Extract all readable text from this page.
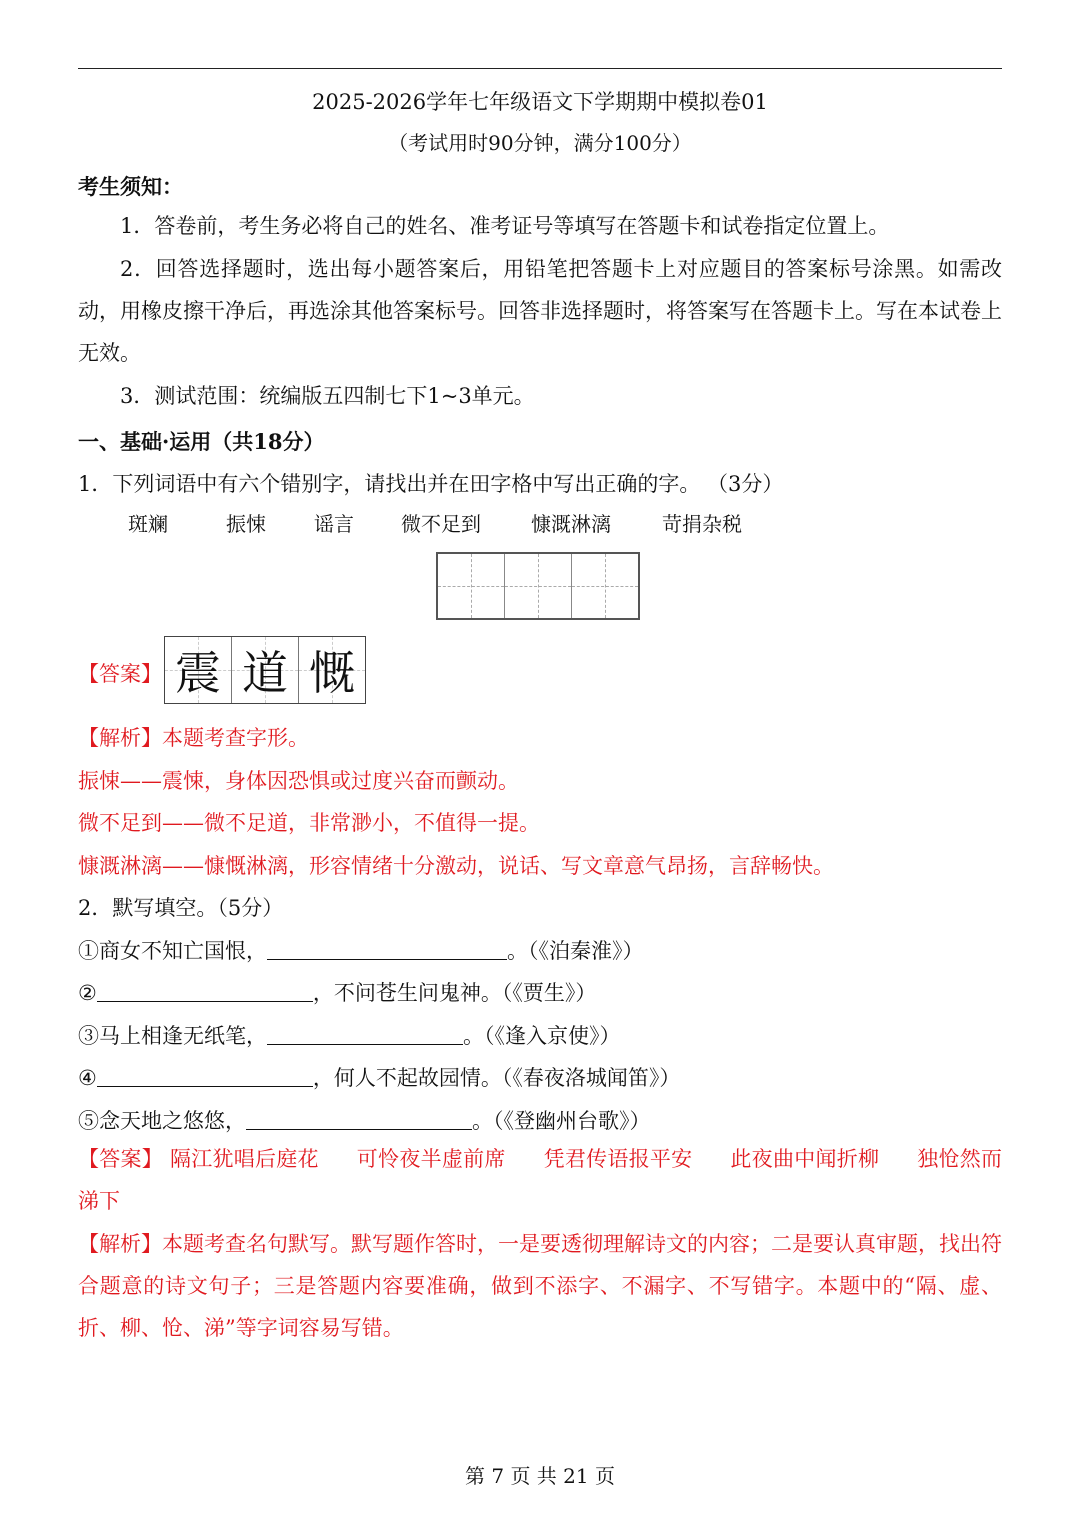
2025-2026学年七年级语文下学期期中模拟卷01
（考试用时90分钟，满分100分）
考生须知：
1．答卷前，考生务必将自己的姓名、准考证号等填写在答题卡和试卷指定位置上。
2．回答选择题时，选出每小题答案后，用铅笔把答题卡上对应题目的答案标号涂黑。如需改动，用橡皮擦干净后，再选涂其他答案标号。回答非选择题时，将答案写在答题卡上。写在本试卷上无效。
3．测试范围：统编版五四制七下1~3单元。
一、基础·运用（共18分）
1．下列词语中有六个错别字，请找出并在田字格中写出正确的字。 （3分）
斑斓	振悚 谣言 微不足到	慷溉淋漓	苛捐杂税
【答案】 震 道 慨
【解析】本题考查字形。
振悚——震悚，身体因恐惧或过度兴奋而颤动。
微不足到——微不足道，非常渺小，不值得一提。
慷溉淋漓——慷慨淋漓，形容情绪十分激动，说话、写文章意气昂扬，言辞畅快。
2．默写填空。（5分）
①商女不知亡国恨，	。（《泊秦淮》）
②	，不问苍生问鬼神。（《贾生》）
③马上相逢无纸笔，	。（《逢入京使》）
④	，何人不起故园情。（《春夜洛城闻笛》）
⑤念天地之悠悠，	。（《登幽州台歌》）
【答案】 隔江犹唱后庭花 可怜夜半虚前席 凭君传语报平安 此夜曲中闻折柳 独怆然而涕下
【解析】本题考查名句默写。默写题作答时，一是要透彻理解诗文的内容；二是要认真审题，找出符合题意的诗文句子；三是答题内容要准确，做到不添字、不漏字、不写错字。本题中的“隔、虚、折、柳、怆、涕”等字词容易写错。
第 7 页 共 21 页
